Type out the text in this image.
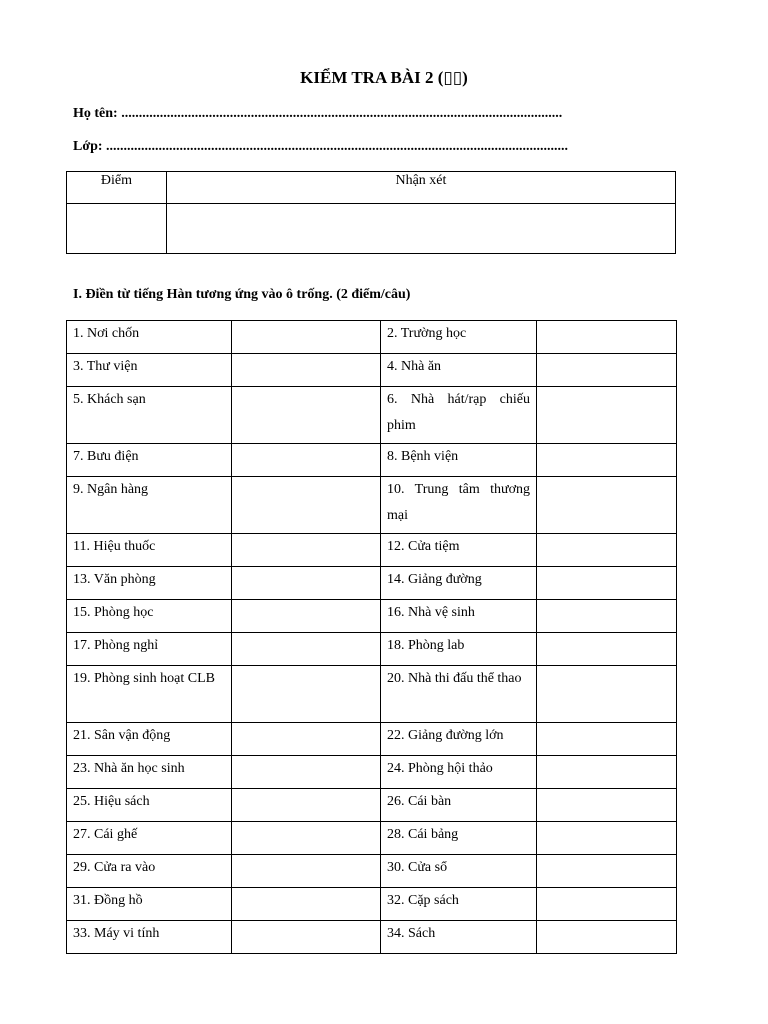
KIỂM TRA BÀI 2 (▯▯)
Họ tên: ..............................................................................................................................
Lớp: ....................................................................................................................................
Điểm	Nhận xét

I. Điền từ tiếng Hàn tương ứng vào ô trống. (2 điểm/câu)
1. Nơi chốn		2. Trường học	
3. Thư viện		4. Nhà ăn	
5. Khách sạn		6. Nhà hát/rạp chiếu phim	
7. Bưu điện		8. Bệnh viện	
9. Ngân hàng		10. Trung tâm thương mại	
11. Hiệu thuốc		12. Cửa tiệm	
13. Văn phòng		14. Giảng đường	
15. Phòng học		16. Nhà vệ sinh	
17. Phòng nghỉ		18. Phòng lab	
19. Phòng sinh hoạt CLB		20. Nhà thi đấu thể thao	
21. Sân vận động		22. Giảng đường lớn	
23. Nhà ăn học sinh		24. Phòng hội thảo	
25. Hiệu sách		26. Cái bàn	
27. Cái ghế		28. Cái bảng	
29. Cửa ra vào		30. Cửa sổ	
31. Đồng hồ		32. Cặp sách	
33. Máy vi tính		34. Sách	
